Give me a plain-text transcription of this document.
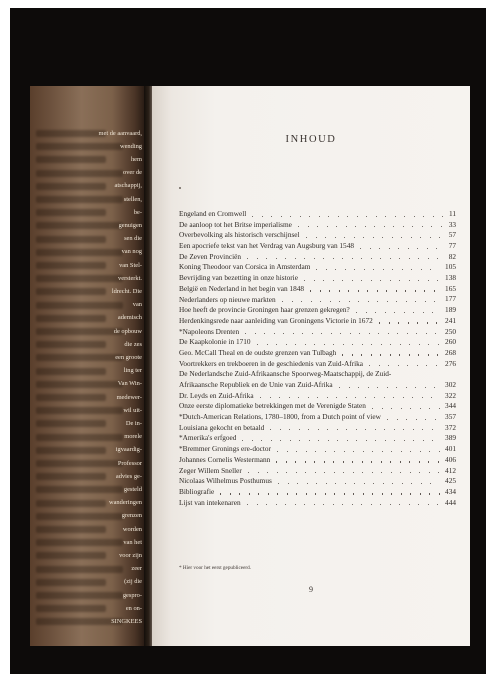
met de aanvaard,
wending
hem
over de
atschappij,
stellen,
be-
genuigen
sen die
van nog
van Stel-
versterkt.
ldrecht. Die
van
ademisch
de opbouw
die zes
een groote
ling ter
Van Win-
medewer-
wil uit-
De in-
morele
igvaardig-
Professor
advies ge-
gesteld
wanderingen
grenzen
worden
van het
voor zijn
zeer
(zij die
gespro-
en on-
SINGKEES
INHOUD
Engeland en Cromwell	11
De aanloop tot het Britse imperialisme	33
Overbevolking als historisch verschijnsel	57
Een apocriefe tekst van het Verdrag van Augsburg van 1548	77
De Zeven Provinciën	82
Koning Theodoor van Corsica in Amsterdam	105
Bevrijding van bezetting in onze historie	138
België en Nederland in het begin van 1848	165
Nederlanders op nieuwe markten	177
Hoe heeft de provincie Groningen haar grenzen gekregen?	189
Herdenkingsrede naar aanleiding van Groningens Victorie in 1672	241
*Napoleons Drenten	250
De Kaapkolonie in 1710	260
Geo. McCall Theal en de oudste grenzen van Tulbagh	268
Voortrekkers en trekboeren in de geschiedenis van Zuid-Afrika	276
De Nederlandsche Zuid-Afrikaansche Spoorweg-Maatschappij, de Zuid-
Afrikaansche Republiek en de Unie van Zuid-Afrika	302
Dr. Leyds en Zuid-Afrika	322
Onze eerste diplomatieke betrekkingen met de Verenigde Staten	344
*Dutch-American Relations, 1780–1800, from a Dutch point of view	357
Louisiana gekocht en betaald	372
*Amerika's erfgoed	389
*Bremmer Gronings ere-doctor	401
Johannes Cornelis Westermann	406
Zeger Willem Sneller	412
Nicolaas Wilhelmus Posthumus	425
Bibliografie	434
Lijst van intekenaren	444
* Hier voor het eerst gepubliceerd.
9
